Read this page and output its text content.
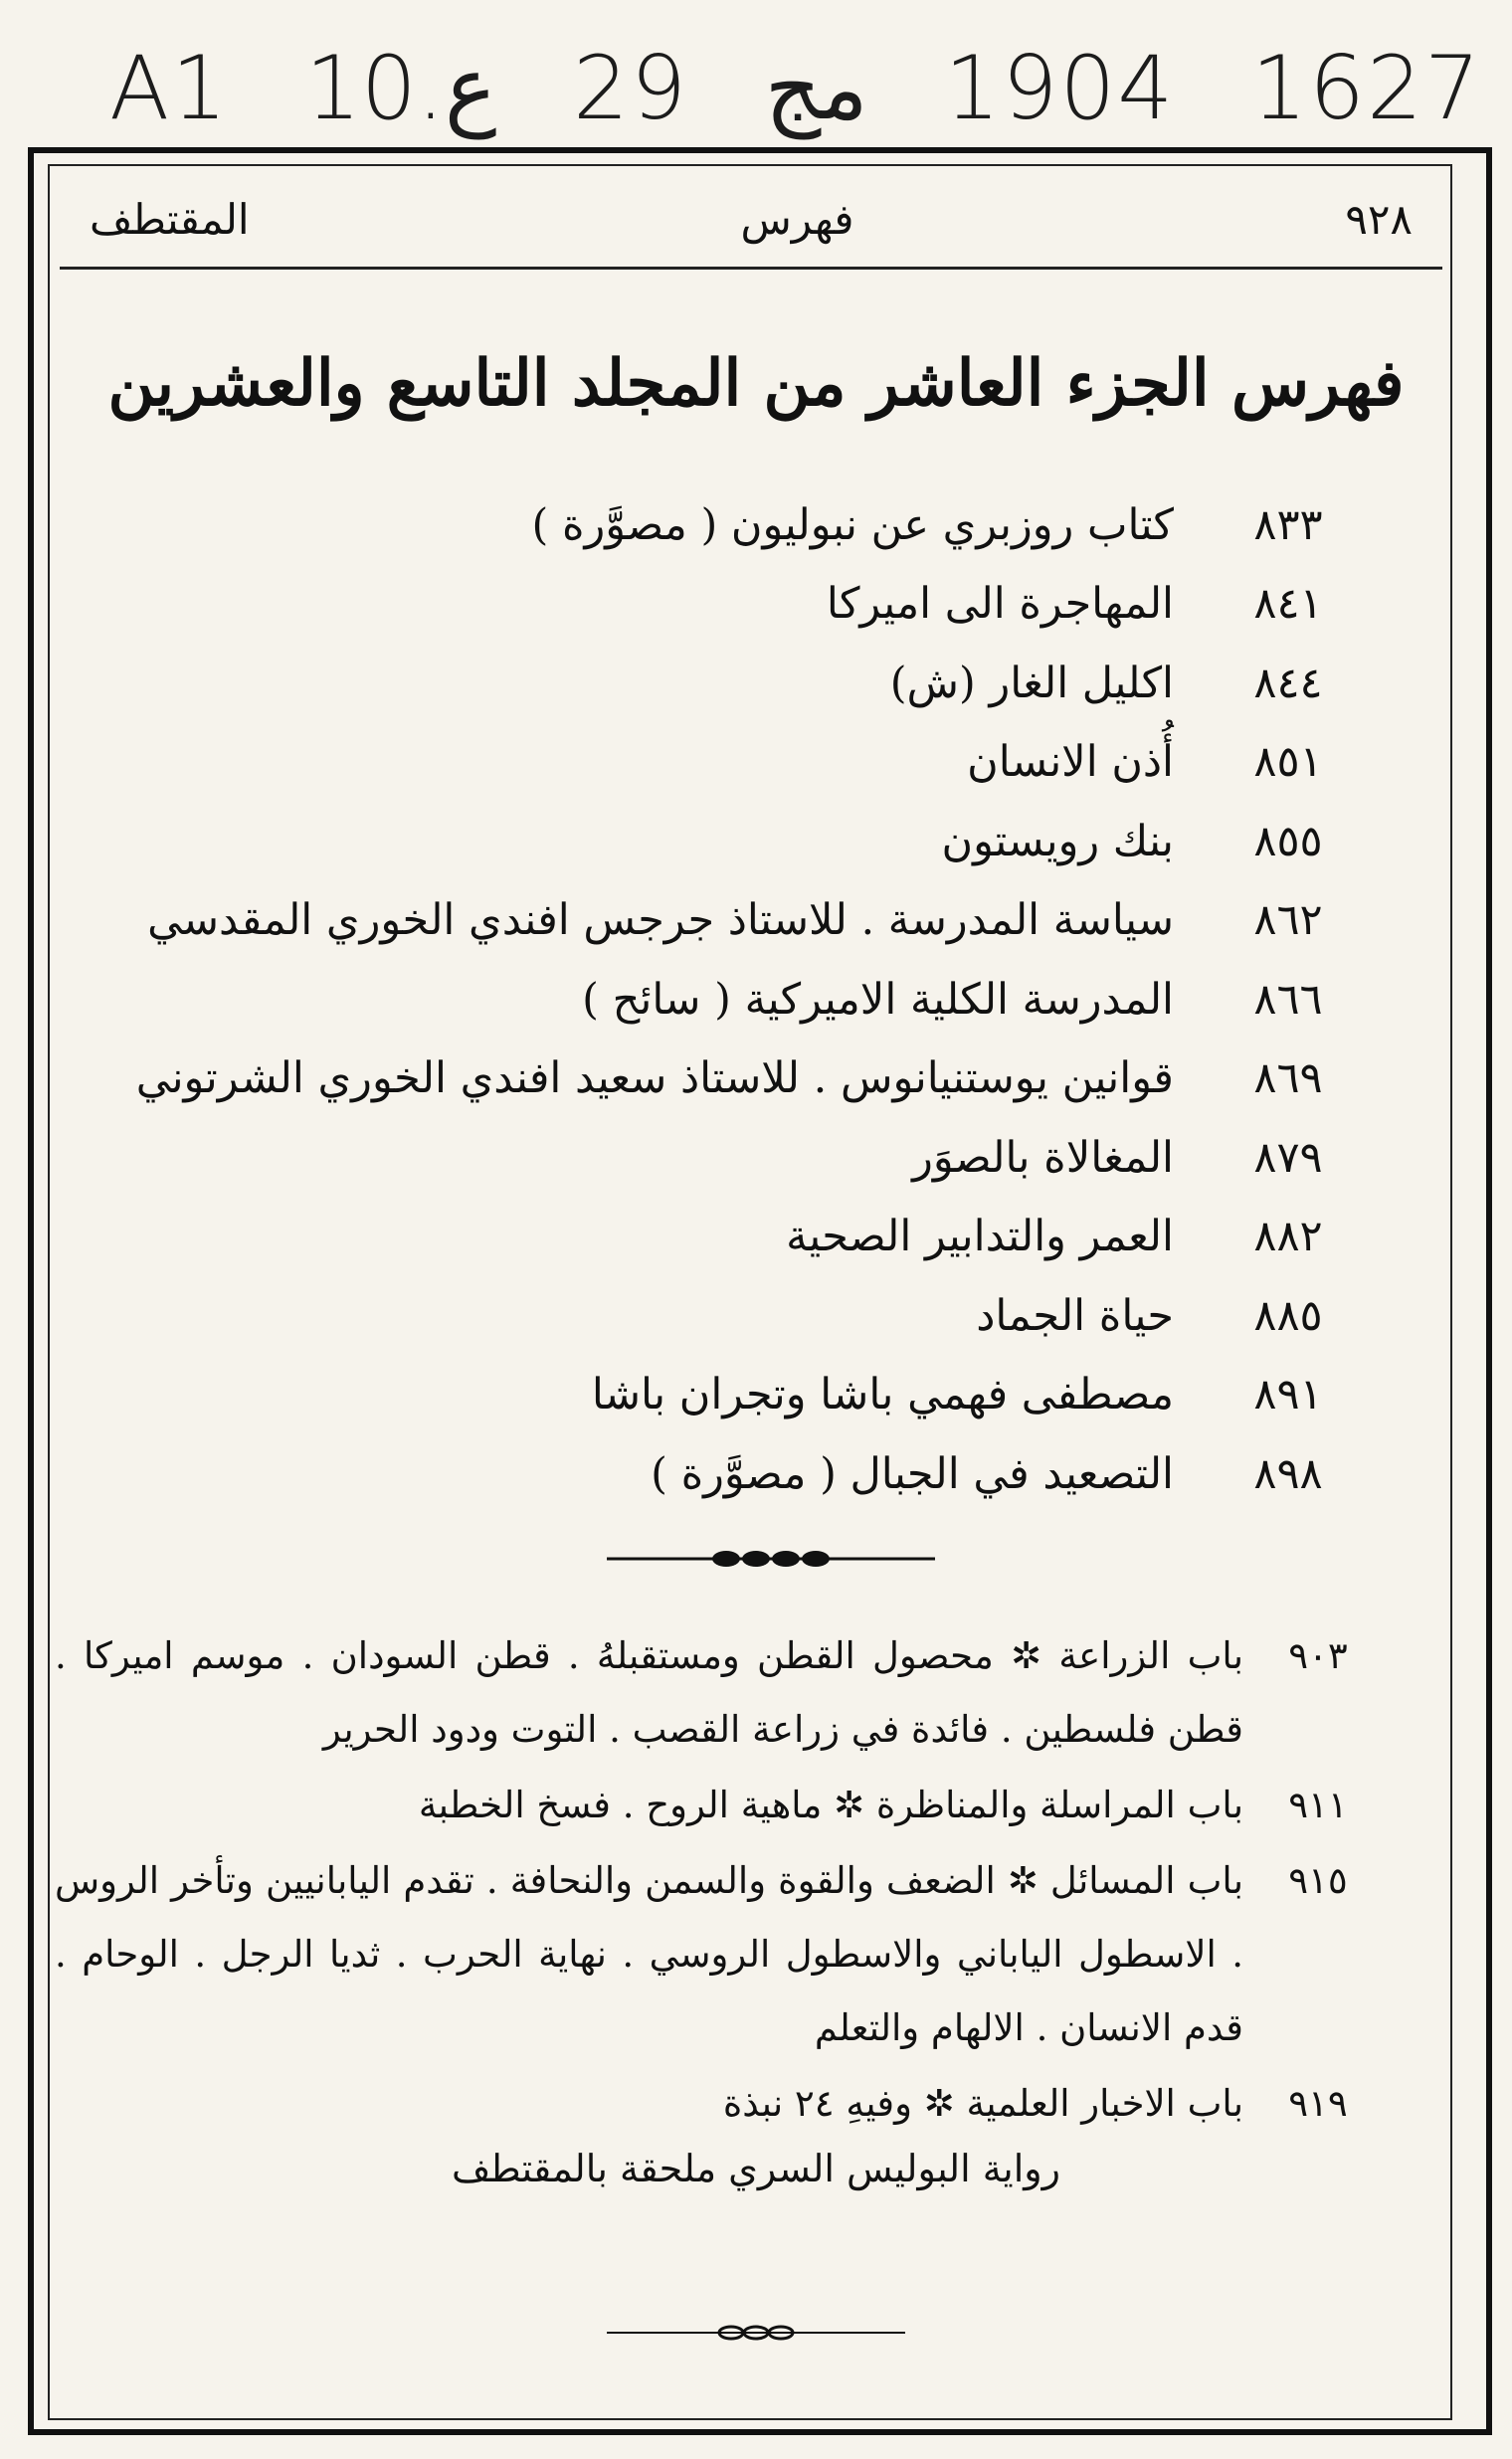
A1 10.ع 29 مج 1904 1627
٩٢٨
فهرس
المقتطف
فهرس الجزء العاشر من المجلد التاسع والعشرين
٨٣٣
كتاب روزبري عن نبوليون ( مصوَّرة )
٨٤١
المهاجرة الى اميركا
٨٤٤
اكليل الغار (ش)
٨٥١
أُذن الانسان
٨٥٥
بنك رويستون
٨٦٢
سياسة المدرسة . للاستاذ جرجس افندي الخوري المقدسي
٨٦٦
المدرسة الكلية الاميركية ( سائح )
٨٦٩
قوانين يوستنيانوس . للاستاذ سعيد افندي الخوري الشرتوني
٨٧٩
المغالاة بالصوَر
٨٨٢
العمر والتدابير الصحية
٨٨٥
حياة الجماد
٨٩١
مصطفى فهمي باشا وتجران باشا
٨٩٨
التصعيد في الجبال ( مصوَّرة )
٩٠٣
باب الزراعة ✲ محصول القطن ومستقبلهُ . قطن السودان . موسم اميركا . قطن فلسطين . فائدة في زراعة القصب . التوت ودود الحرير
٩١١
باب المراسلة والمناظرة ✲ ماهية الروح . فسخ الخطبة
٩١٥
باب المسائل ✲ الضعف والقوة والسمن والنحافة . تقدم اليابانيين وتأخر الروس . الاسطول الياباني والاسطول الروسي . نهاية الحرب . ثديا الرجل . الوحام . قدم الانسان . الالهام والتعلم
٩١٩
باب الاخبار العلمية ✲ وفيهِ ٢٤ نبذة
رواية البوليس السري ملحقة بالمقتطف
